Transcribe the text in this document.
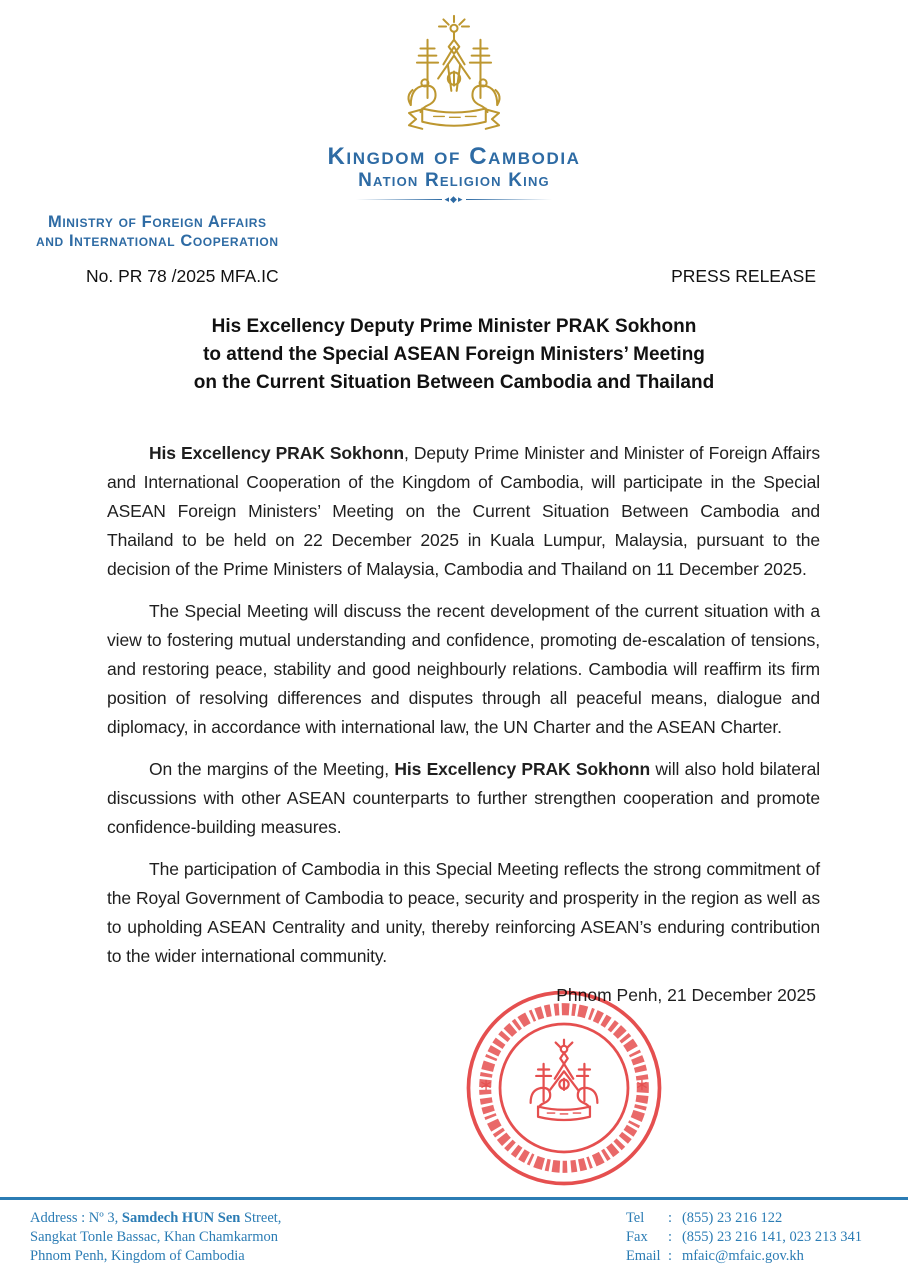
Kingdom of Cambodia
Nation Religion King
◂◆▸
Ministry of Foreign Affairs
and International Cooperation
No. PR 78 /2025 MFA.IC	PRESS RELEASE
His Excellency Deputy Prime Minister PRAK Sokhonn
to attend the Special ASEAN Foreign Ministers’ Meeting
on the Current Situation Between Cambodia and Thailand

His Excellency PRAK Sokhonn, Deputy Prime Minister and Minister of Foreign Affairs and International Cooperation of the Kingdom of Cambodia, will participate in the Special ASEAN Foreign Ministers’ Meeting on the Current Situation Between Cambodia and Thailand to be held on 22 December 2025 in Kuala Lumpur, Malaysia, pursuant to the decision of the Prime Ministers of Malaysia, Cambodia and Thailand on 11 December 2025.

The Special Meeting will discuss the recent development of the current situation with a view to fostering mutual understanding and confidence, promoting de-escalation of tensions, and restoring peace, stability and good neighbourly relations. Cambodia will reaffirm its firm position of resolving differences and disputes through all peaceful means, dialogue and diplomacy, in accordance with international law, the UN Charter and the ASEAN Charter.

On the margins of the Meeting, His Excellency PRAK Sokhonn will also hold bilateral discussions with other ASEAN counterparts to further strengthen cooperation and promote confidence-building measures.

The participation of Cambodia in this Special Meeting reflects the strong commitment of the Royal Government of Cambodia to peace, security and prosperity in the region as well as to upholding ASEAN Centrality and unity, thereby reinforcing ASEAN’s enduring contribution to the wider international community.

Phnom Penh, 21 December 2025
*	*
Address : Nº 3, Samdech HUN Sen Street,
Sangkat Tonle Bassac, Khan Chamkarmon
Phnom Penh, Kingdom of Cambodia
Tel	: (855) 23 216 122
Fax	: (855) 23 216 141, 023 213 341
Email : mfaic@mfaic.gov.kh
